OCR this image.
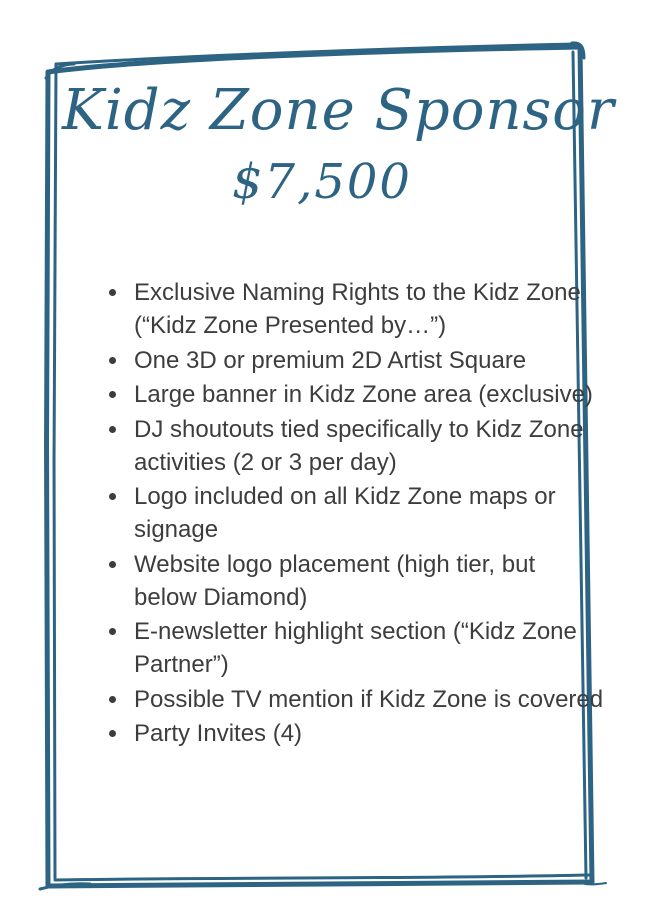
Kidz Zone Sponsor
$7,500
• Exclusive Naming Rights to the Kidz Zone (“Kidz Zone Presented by…”)
• One 3D or premium 2D Artist Square
• Large banner in Kidz Zone area (exclusive)
• DJ shoutouts tied specifically to Kidz Zone activities (2 or 3 per day)
• Logo included on all Kidz Zone maps or signage
• Website logo placement (high tier, but below Diamond)
• E-newsletter highlight section (“Kidz Zone Partner”)
• Possible TV mention if Kidz Zone is covered
• Party Invites (4)
